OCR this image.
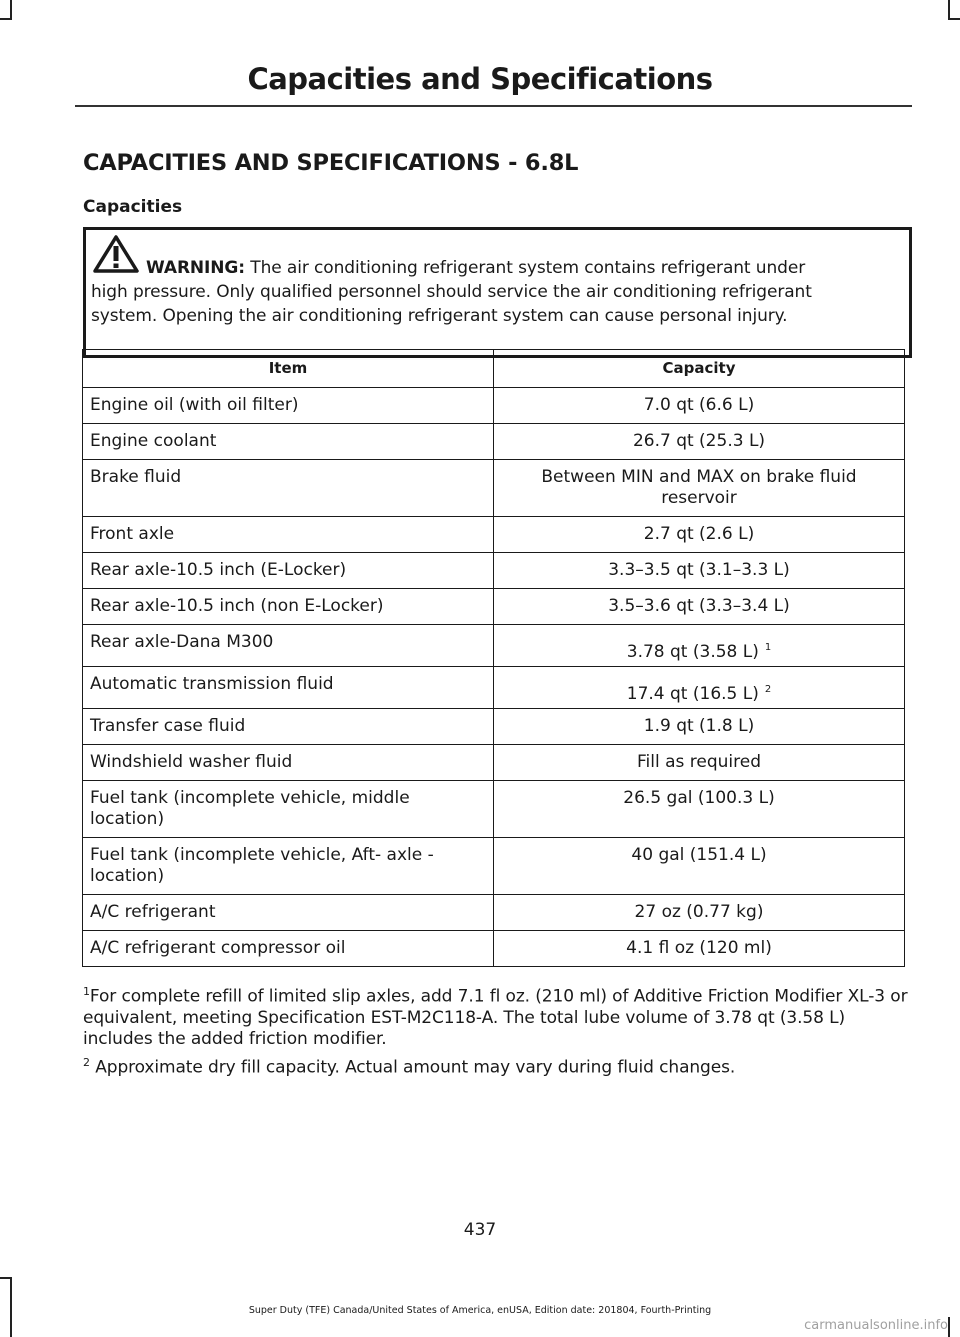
Capacities and Specifications
CAPACITIES AND SPECIFICATIONS - 6.8L
Capacities
WARNING: The air conditioning refrigerant system contains refrigerant under
high pressure. Only qualified personnel should service the air conditioning refrigerant
system. Opening the air conditioning refrigerant system can cause personal injury.
Item	Capacity
Engine oil (with oil filter)	7.0 qt (6.6 L)
Engine coolant	26.7 qt (25.3 L)
Brake fluid	Between MIN and MAX on brake fluid
reservoir

Front axle	2.7 qt (2.6 L)
Rear axle-10.5 inch (E-Locker)	3.3–3.5 qt (3.1–3.3 L)
Rear axle-10.5 inch (non E-Locker)	3.5–3.6 qt (3.3–3.4 L)
Rear axle-Dana M300	3.78 qt (3.58 L) $^1$
Automatic transmission fluid	17.4 qt (16.5 L) $^2$
Transfer case fluid	1.9 qt (1.8 L)
Windshield washer fluid	Fill as required

Fuel tank (incomplete vehicle, middle
location)	26.5 gal (100.3 L)

Fuel tank (incomplete vehicle, Aft- axle -
location)	40 gal (151.4 L)
A/C refrigerant	27 oz (0.77 kg)
A/C refrigerant compressor oil	4.1 fl oz (120 ml)

$^1$For complete refill of limited slip axles, add 7.1 fl oz. (210 ml) of Additive Friction Modifier XL-3 or equivalent, meeting Specification EST-M2C118-A. The total lube volume of 3.78 qt (3.58 L) includes the added friction modifier.

$^2$ Approximate dry fill capacity. Actual amount may vary during fluid changes.

437
Super Duty (TFE) Canada/United States of America, enUSA, Edition date: 201804, Fourth-Printing
carmanualsonline.info
